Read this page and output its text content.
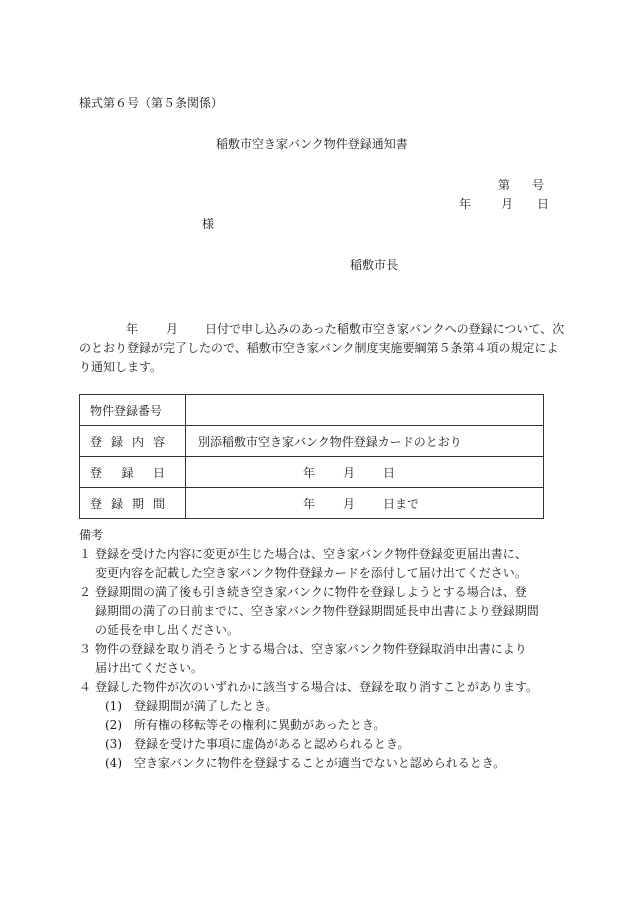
様式第６号（第５条関係）
稲敷市空き家バンク物件登録通知書
第 号
年 月 日
様
稲敷市長
年 月 日付で申し込みのあった稲敷市空き家バンクへの登録について、次
のとおり登録が完了したので、稲敷市空き家バンク制度実施要綱第５条第４項の規定によ
り通知します。
物件登録番号	

登 録 内 容	別添稲敷市空き家バンク物件登録カードのとおり

登 録 日	年 月 日

登 録 期 間	年 月 日まで
備考
１ 登録を受けた内容に変更が生じた場合は、空き家バンク物件登録変更届出書に、
変更内容を記載した空き家バンク物件登録カードを添付して届け出てください。
２ 登録期間の満了後も引き続き空き家バンクに物件を登録しようとする場合は、登
録期間の満了の日前までに、空き家バンク物件登録期間延長申出書により登録期間
の延長を申し出ください。
３ 物件の登録を取り消そうとする場合は、空き家バンク物件登録取消申出書により
届け出てください。
４ 登録した物件が次のいずれかに該当する場合は、登録を取り消すことがあります。
(1)　登録期間が満了したとき。
(2)　所有権の移転等その権利に異動があったとき。
(3)　登録を受けた事項に虚偽があると認められるとき。
(4)　空き家バンクに物件を登録することが適当でないと認められるとき。
